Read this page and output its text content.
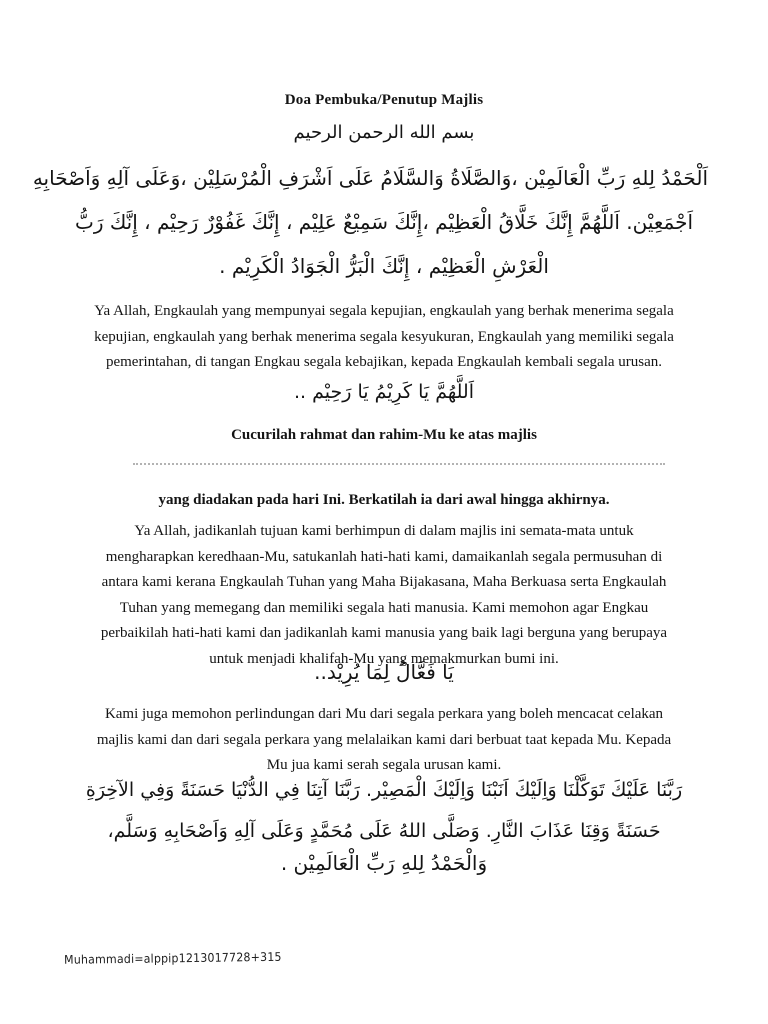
Doa Pembuka/Penutup Majlis
بسم الله الرحمن الرحيم
اَلْحَمْدُ لِلهِ رَبِّ الْعَالَمِيْن ،وَالصَّلَاةُ وَالسَّلَامُ عَلَى اَشْرَفِ الْمُرْسَلِيْن ،وَعَلَى آلِهِ وَاَصْحَابِهِ
اَجْمَعِيْن. اَللَّهُمَّ إِنَّكَ خَلَّاقُ الْعَظِيْم ،إِنَّكَ سَمِيْعٌ عَلِيْم ، إِنَّكَ غَفُوْرٌ رَحِيْم ، إِنَّكَ رَبُّ
الْعَرْشِ الْعَظِيْم ، إِنَّكَ الْبَرُّ الْجَوَادُ الْكَرِيْم .
Ya Allah, Engkaulah yang mempunyai segala kepujian, engkaulah yang berhak menerima segala
kepujian, engkaulah yang berhak menerima segala kesyukuran, Engkaulah yang memiliki segala
pemerintahan, di tangan Engkau segala kebajikan, kepada Engkaulah kembali segala urusan.
اَللَّهُمَّ يَا كَرِيْمُ يَا رَحِيْم ..
Cucurilah rahmat dan rahim-Mu ke atas majlis
yang diadakan pada hari Ini. Berkatilah ia dari awal hingga akhirnya.
Ya Allah, jadikanlah tujuan kami berhimpun di dalam majlis ini semata-mata untuk
mengharapkan keredhaan-Mu, satukanlah hati-hati kami, damaikanlah segala permusuhan di
antara kami kerana Engkaulah Tuhan yang Maha Bijakasana, Maha Berkuasa serta Engkaulah
Tuhan yang memegang dan memiliki segala hati manusia. Kami memohon agar Engkau
perbaikilah hati-hati kami dan jadikanlah kami manusia yang baik lagi berguna yang berupaya
untuk menjadi khalifah-Mu yang memakmurkan bumi ini.
يَا فَعَّالُ لِمَا يُرِيْد..
Kami juga memohon perlindungan dari Mu dari segala perkara yang boleh mencacat celakan
majlis kami dan dari segala perkara yang melalaikan kami dari berbuat taat kepada Mu. Kepada
Mu jua kami serah segala urusan kami.
رَبَّنَا عَلَيْكَ تَوَكَّلْنَا وَاِلَيْكَ اَنَبْنَا وَاِلَيْكَ الْمَصِيْر. رَبَّنَا آتِنَا فِي الدُّنْيَا حَسَنَةً وَفِي الآخِرَةِ
حَسَنَةً وَقِنَا عَذَابَ النَّارِ. وَصَلَّى اللهُ عَلَى مُحَمَّدٍ وَعَلَى آلِهِ وَاَصْحَابِهِ وَسَلَّم،
وَالْحَمْدُ لِلهِ رَبِّ الْعَالَمِيْن .
Muhammadi=alppip1213017728+315
